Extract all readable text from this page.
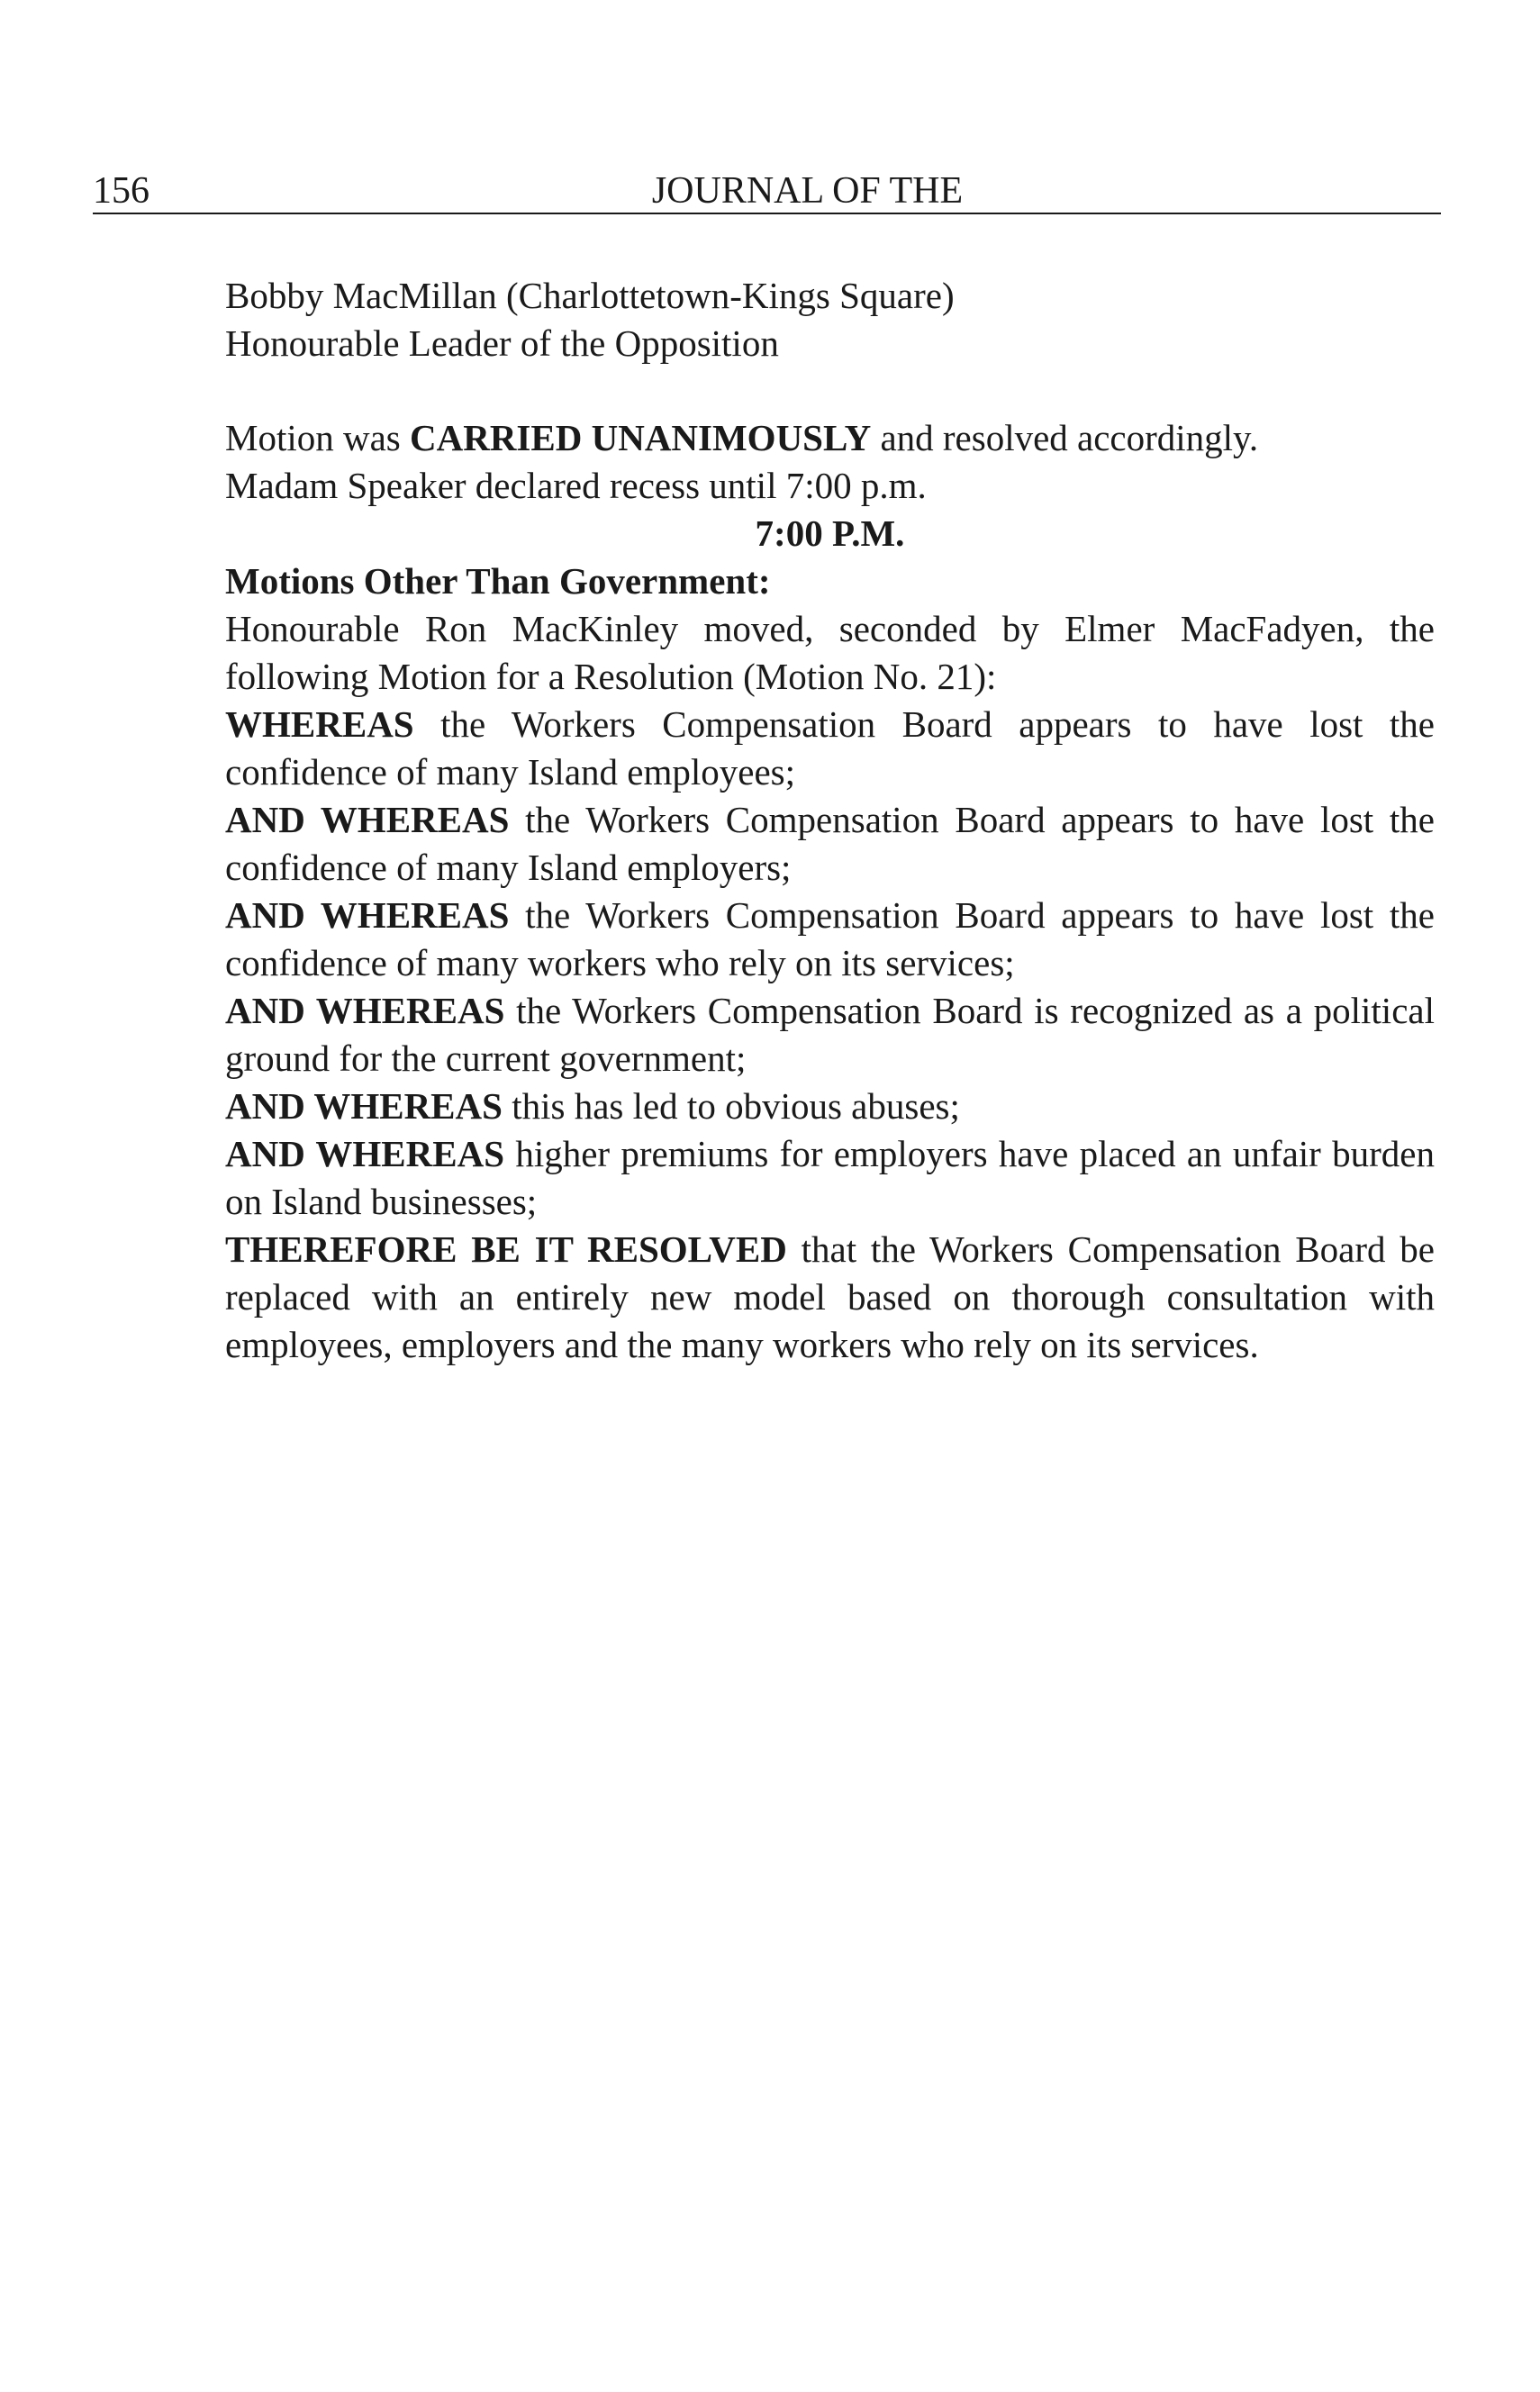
156	JOURNAL OF THE

Bobby MacMillan (Charlottetown-Kings Square)

Honourable Leader of the Opposition

Motion was CARRIED UNANIMOUSLY and resolved accordingly.

Madam Speaker declared recess until 7:00 p.m.

7:00 P.M.

Motions Other Than Government:

Honourable Ron MacKinley moved, seconded by Elmer MacFadyen, the following Motion for a Resolution (Motion No. 21):

WHEREAS the Workers Compensation Board appears to have lost the confidence of many Island employees;

AND WHEREAS the Workers Compensation Board appears to have lost the confidence of many Island employers;

AND WHEREAS the Workers Compensation Board appears to have lost the confidence of many workers who rely on its services;

AND WHEREAS the Workers Compensation Board is recognized as a political ground for the current government;

AND WHEREAS this has led to obvious abuses;

AND WHEREAS higher premiums for employers have placed an unfair burden on Island businesses;

THEREFORE BE IT RESOLVED that the Workers Compensation Board be replaced with an entirely new model based on thorough consultation with employees, employers and the many workers who rely on its services.
